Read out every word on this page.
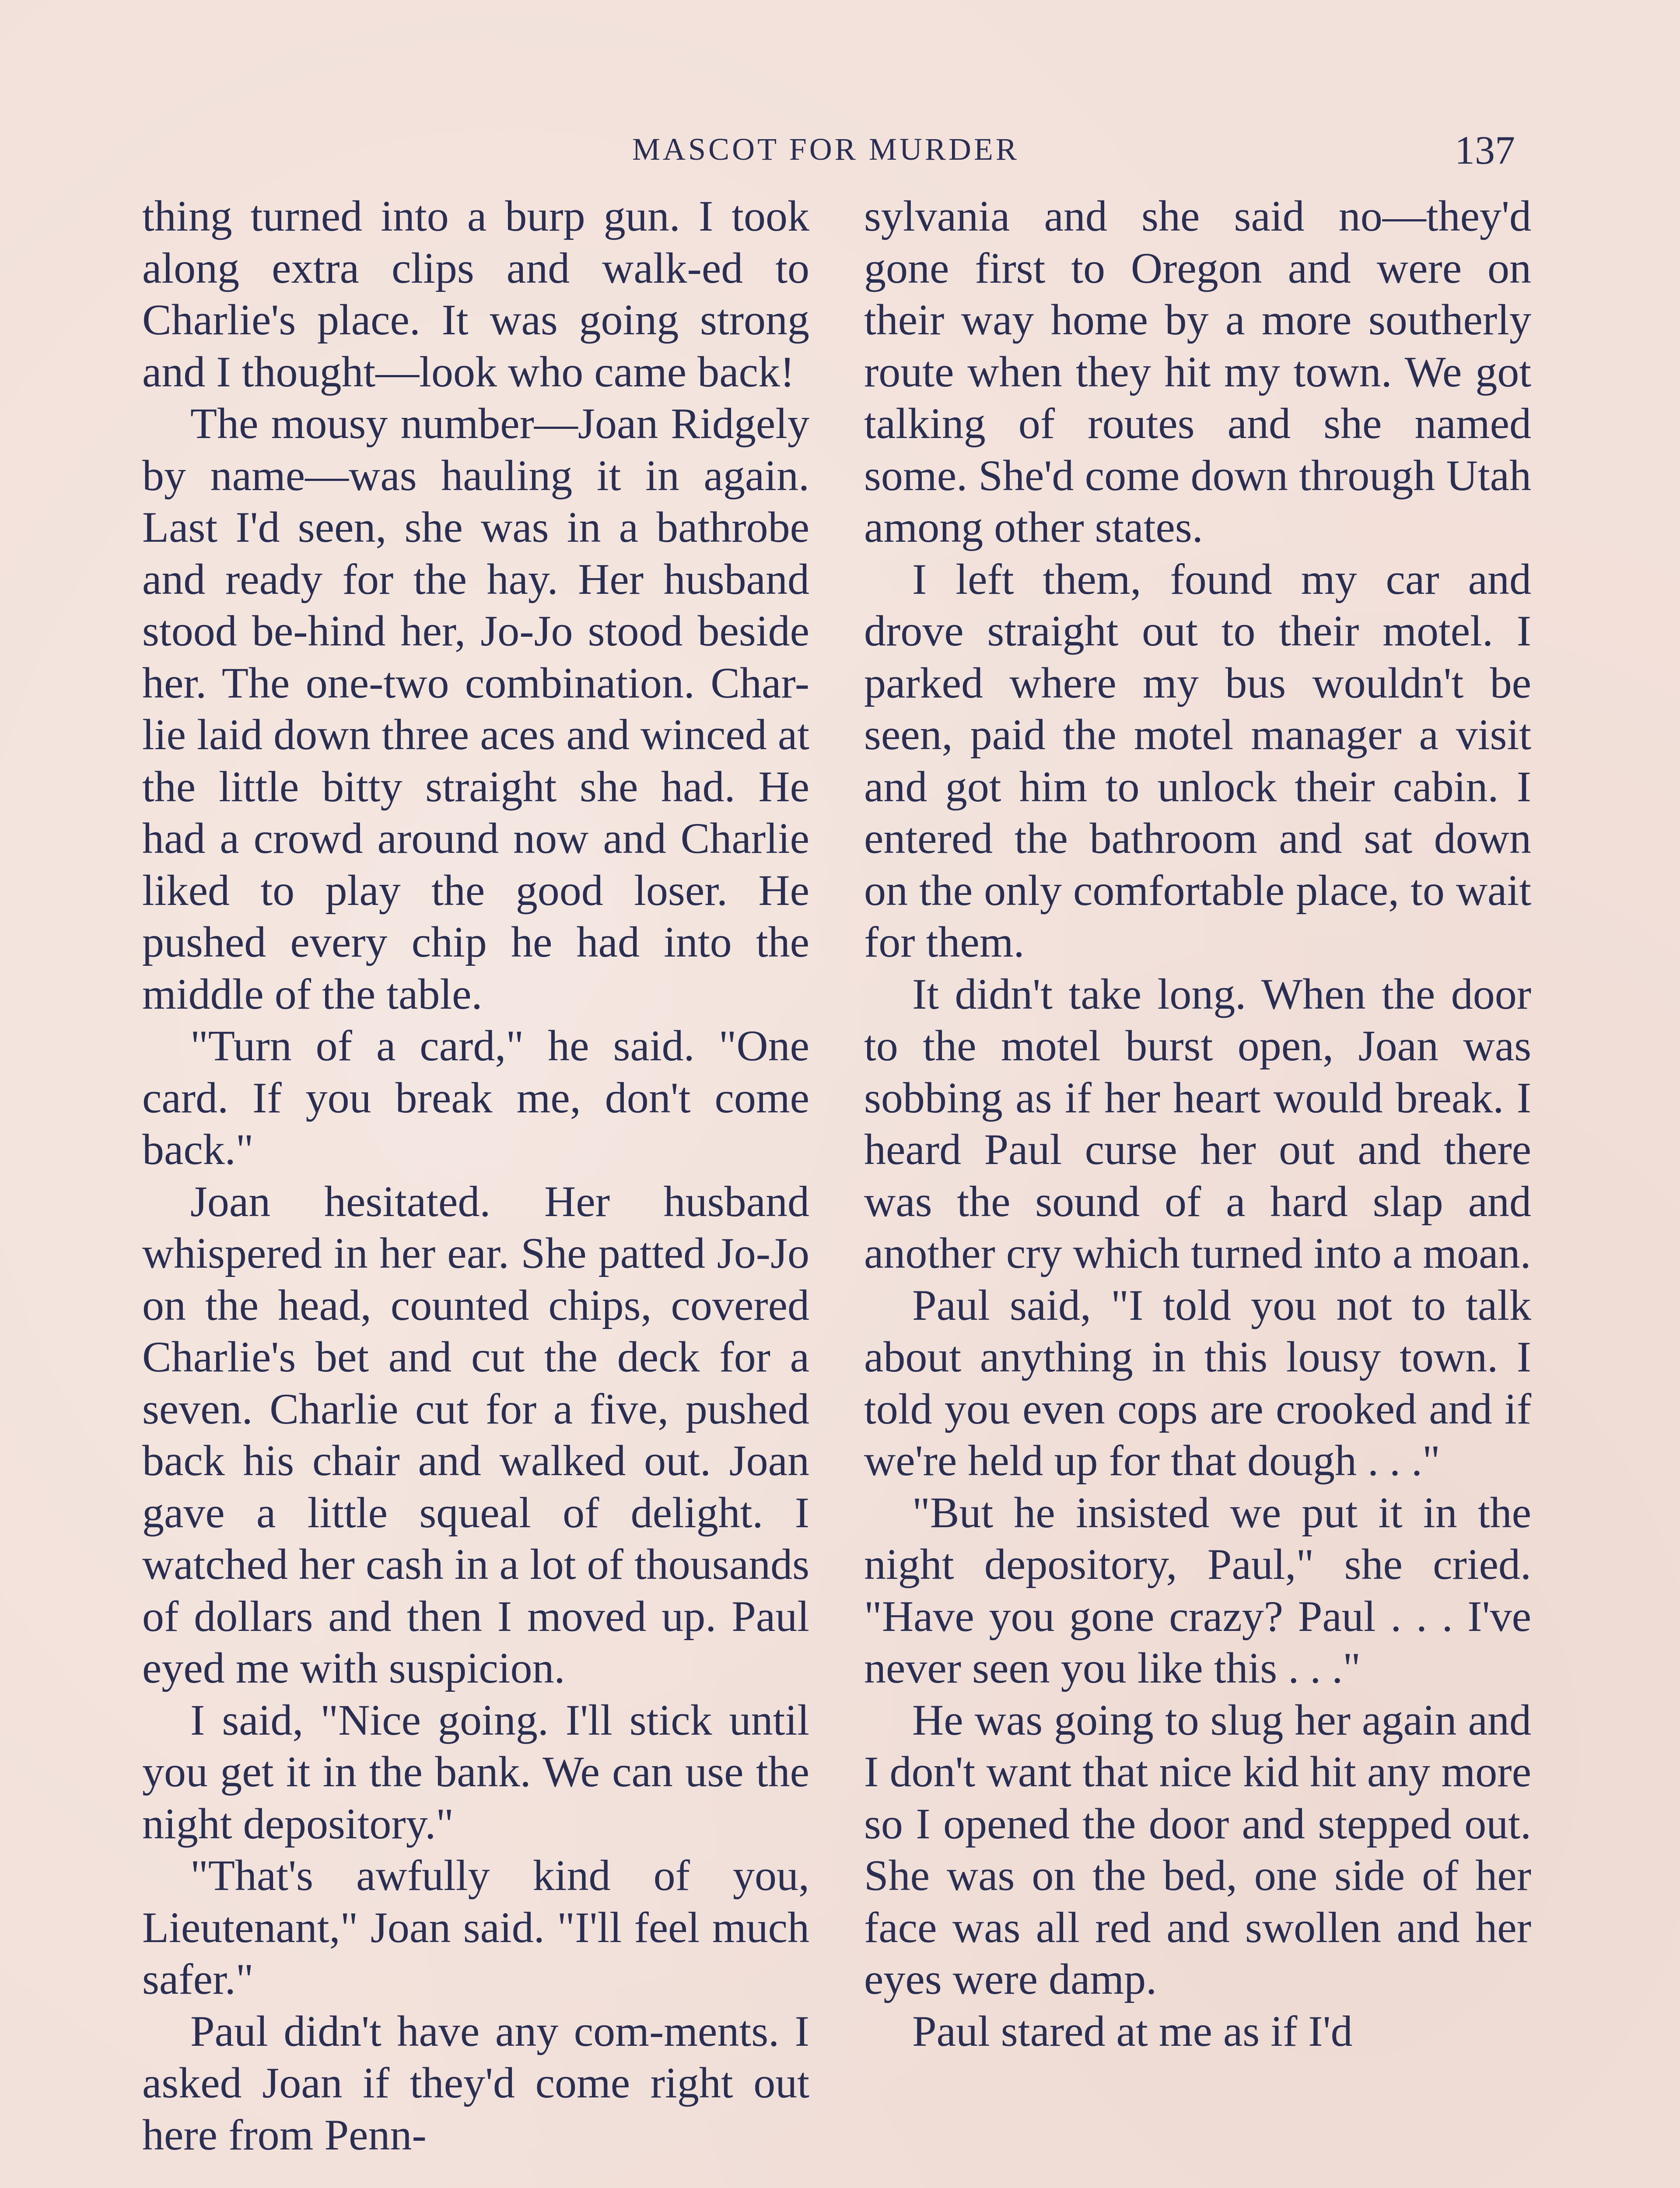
MASCOT FOR MURDER	137

thing turned into a burp gun. I took along extra clips and walk-ed to Charlie's place. It was going strong and I thought—look who came back!

The mousy number—Joan Ridgely by name—was hauling it in again. Last I'd seen, she was in a bathrobe and ready for the hay. Her husband stood be-hind her, Jo-Jo stood beside her. The one-two combination. Char-lie laid down three aces and winced at the little bitty straight she had. He had a crowd around now and Charlie liked to play the good loser. He pushed every chip he had into the middle of the table.

"Turn of a card," he said. "One card. If you break me, don't come back."

Joan hesitated. Her husband whispered in her ear. She patted Jo-Jo on the head, counted chips, covered Charlie's bet and cut the deck for a seven. Charlie cut for a five, pushed back his chair and walked out. Joan gave a little squeal of delight. I watched her cash in a lot of thousands of dollars and then I moved up. Paul eyed me with suspicion.

I said, "Nice going. I'll stick until you get it in the bank. We can use the night depository."

"That's awfully kind of you, Lieutenant," Joan said. "I'll feel much safer."

Paul didn't have any com-ments. I asked Joan if they'd come right out here from Penn-

sylvania and she said no—they'd gone first to Oregon and were on their way home by a more southerly route when they hit my town. We got talking of routes and she named some. She'd come down through Utah among other states.

I left them, found my car and drove straight out to their motel. I parked where my bus wouldn't be seen, paid the motel manager a visit and got him to unlock their cabin. I entered the bathroom and sat down on the only comfortable place, to wait for them.

It didn't take long. When the door to the motel burst open, Joan was sobbing as if her heart would break. I heard Paul curse her out and there was the sound of a hard slap and another cry which turned into a moan.

Paul said, "I told you not to talk about anything in this lousy town. I told you even cops are crooked and if we're held up for that dough . . ."

"But he insisted we put it in the night depository, Paul," she cried. "Have you gone crazy? Paul . . . I've never seen you like this . . ."

He was going to slug her again and I don't want that nice kid hit any more so I opened the door and stepped out. She was on the bed, one side of her face was all red and swollen and her eyes were damp.

Paul stared at me as if I'd
